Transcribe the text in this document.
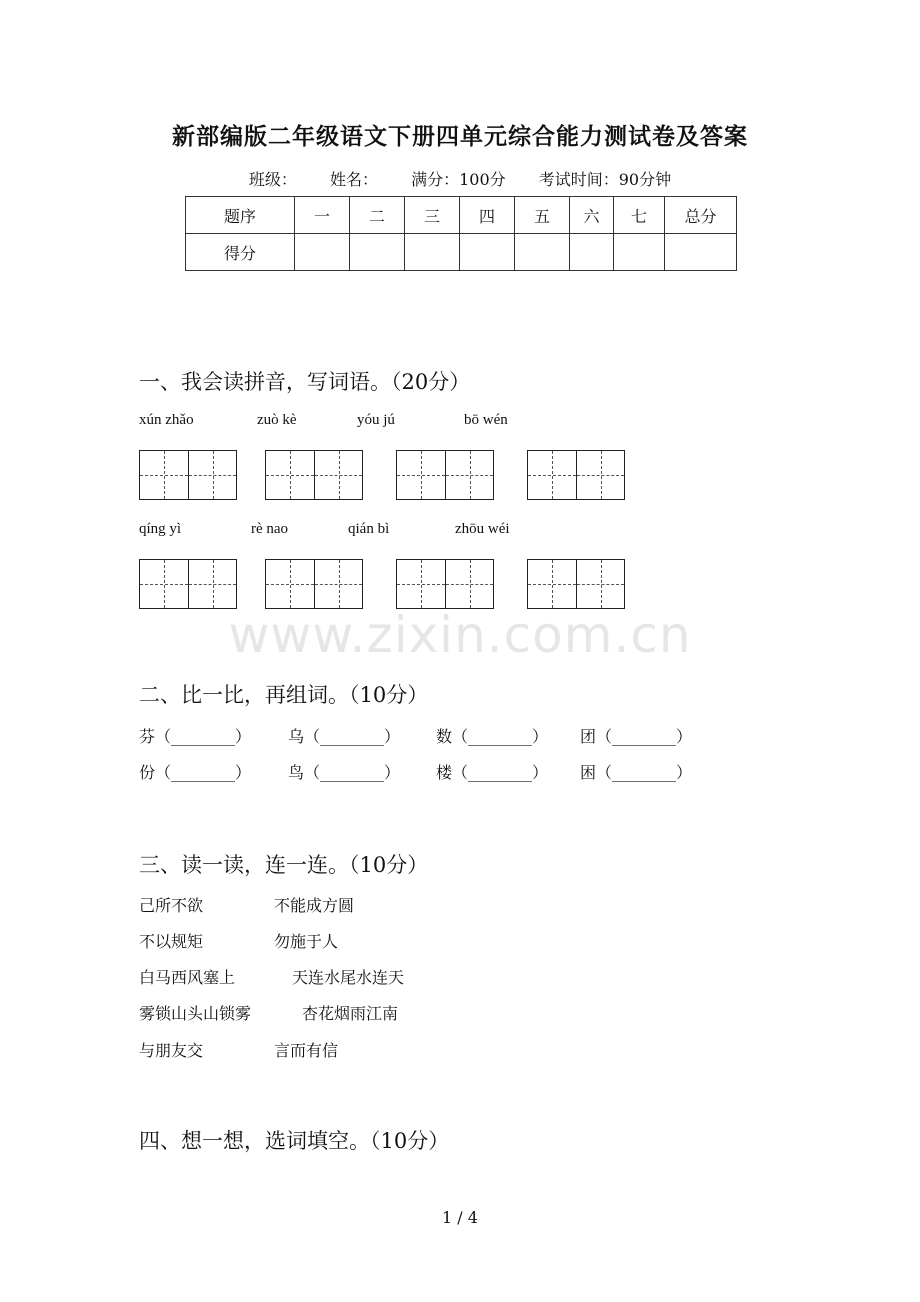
新部编版二年级语文下册四单元综合能力测试卷及答案
班级： 姓名： 满分：100分 考试时间：90分钟
题序	一	二	三	四	五	六	七	总分
得分								
一、我会读拼音，写词语。（20分）
xún zhǎo	zuò kè	yóu jú	bō wén
qíng yì	rè nao	qián bì	zhōu wéi
www.zixin.com.cn
二、比一比，再组词。（10分）
芬（________） 乌（________） 数（________） 团（________）
份（________） 鸟（________） 楼（________） 困（________）
三、读一读，连一连。（10分）
己所不欲	不能成方圆
不以规矩	勿施于人
白马西风塞上	天连水尾水连天
雾锁山头山锁雾	杏花烟雨江南
与朋友交	言而有信
四、想一想，选词填空。（10分）
1 / 4
